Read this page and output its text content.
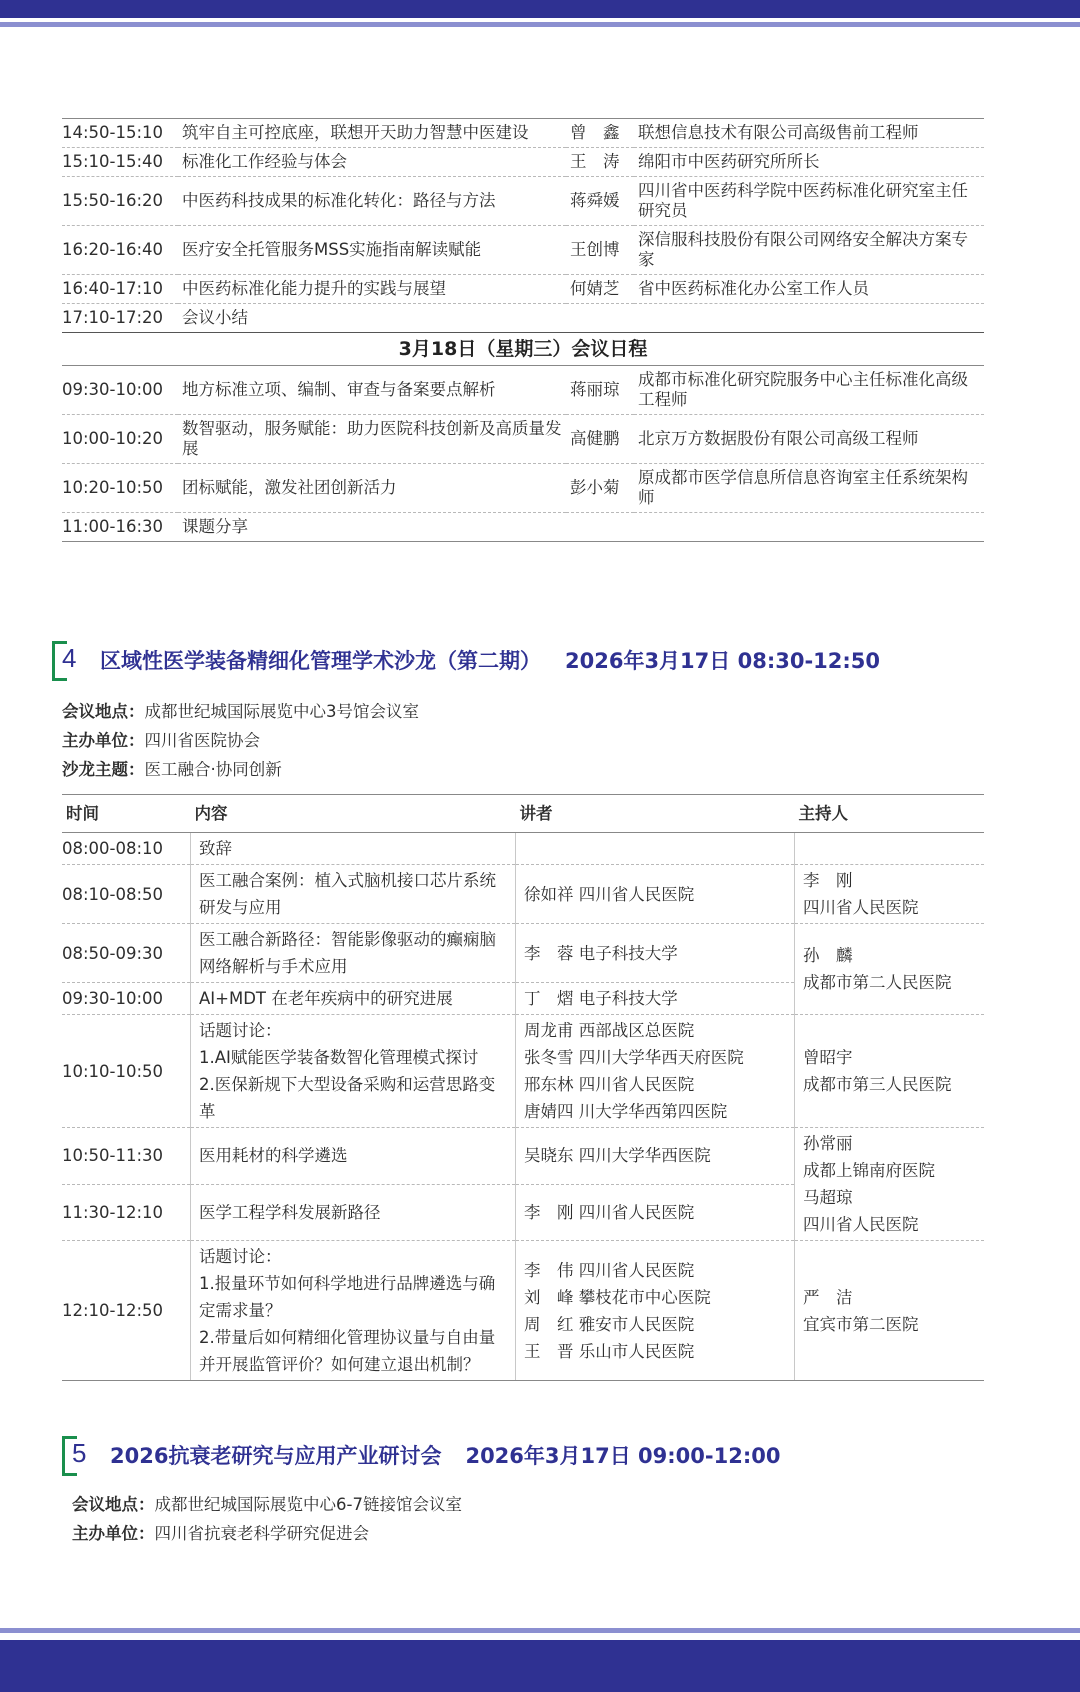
14:50-15:10	筑牢自主可控底座，联想开天助力智慧中医建设	曾　鑫	联想信息技术有限公司高级售前工程师
15:10-15:40	标准化工作经验与体会	王　涛	绵阳市中医药研究所所长
15:50-16:20	中医药科技成果的标准化转化：路径与方法	蒋舜媛	四川省中医药科学院中医药标准化研究室主任研究员
16:20-16:40	医疗安全托管服务MSS实施指南解读赋能	王创博	深信服科技股份有限公司网络安全解决方案专家
16:40-17:10	中医药标准化能力提升的实践与展望	何婧芝	省中医药标准化办公室工作人员
17:10-17:20	会议小结		
3月18日（星期三）会议日程			
09:30-10:00	地方标准立项、编制、审查与备案要点解析	蒋丽琼	成都市标准化研究院服务中心主任标准化高级工程师
10:00-10:20	数智驱动，服务赋能：助力医院科技创新及高质量发展	高健鹏	北京万方数据股份有限公司高级工程师
10:20-10:50	团标赋能，激发社团创新活力	彭小菊	原成都市医学信息所信息咨询室主任系统架构师
11:00-16:30	课题分享		
4 区域性医学装备精细化管理学术沙龙（第二期） 2026年3月17日 08:30-12:50
会议地点：成都世纪城国际展览中心3号馆会议室
主办单位：四川省医院协会
沙龙主题：医工融合·协同创新
时间	内容	讲者	主持人
08:00-08:10	致辞		
08:10-08:50	医工融合案例：植入式脑机接口芯片系统研发与应用	徐如祥 四川省人民医院	李　刚
四川省人民医院
08:50-09:30	医工融合新路径：智能影像驱动的癫痫脑网络解析与手术应用	李　蓉 电子科技大学	孙　麟
成都市第二人民医院
09:30-10:00	AI+MDT 在老年疾病中的研究进展	丁　熠 电子科技大学	
10:10-10:50	话题讨论：
1.AI赋能医学装备数智化管理模式探讨
2.医保新规下大型设备采购和运营思路变革	周龙甫 西部战区总医院
张冬雪 四川大学华西天府医院
邢东林 四川省人民医院
唐婧四 川大学华西第四医院	曾昭宇
成都市第三人民医院
10:50-11:30	医用耗材的科学遴选	吴晓东 四川大学华西医院	孙常丽
成都上锦南府医院
马超琼
四川省人民医院
11:30-12:10	医学工程学科发展新路径	李　刚 四川省人民医院	
12:10-12:50	话题讨论：
1.报量环节如何科学地进行品牌遴选与确定需求量？
2.带量后如何精细化管理协议量与自由量并开展监管评价？如何建立退出机制？	李　伟 四川省人民医院
刘　峰 攀枝花市中心医院
周　红 雅安市人民医院
王　晋 乐山市人民医院	严　洁
宜宾市第二医院
5 2026抗衰老研究与应用产业研讨会 2026年3月17日 09:00-12:00
会议地点：成都世纪城国际展览中心6-7链接馆会议室
主办单位：四川省抗衰老科学研究促进会
